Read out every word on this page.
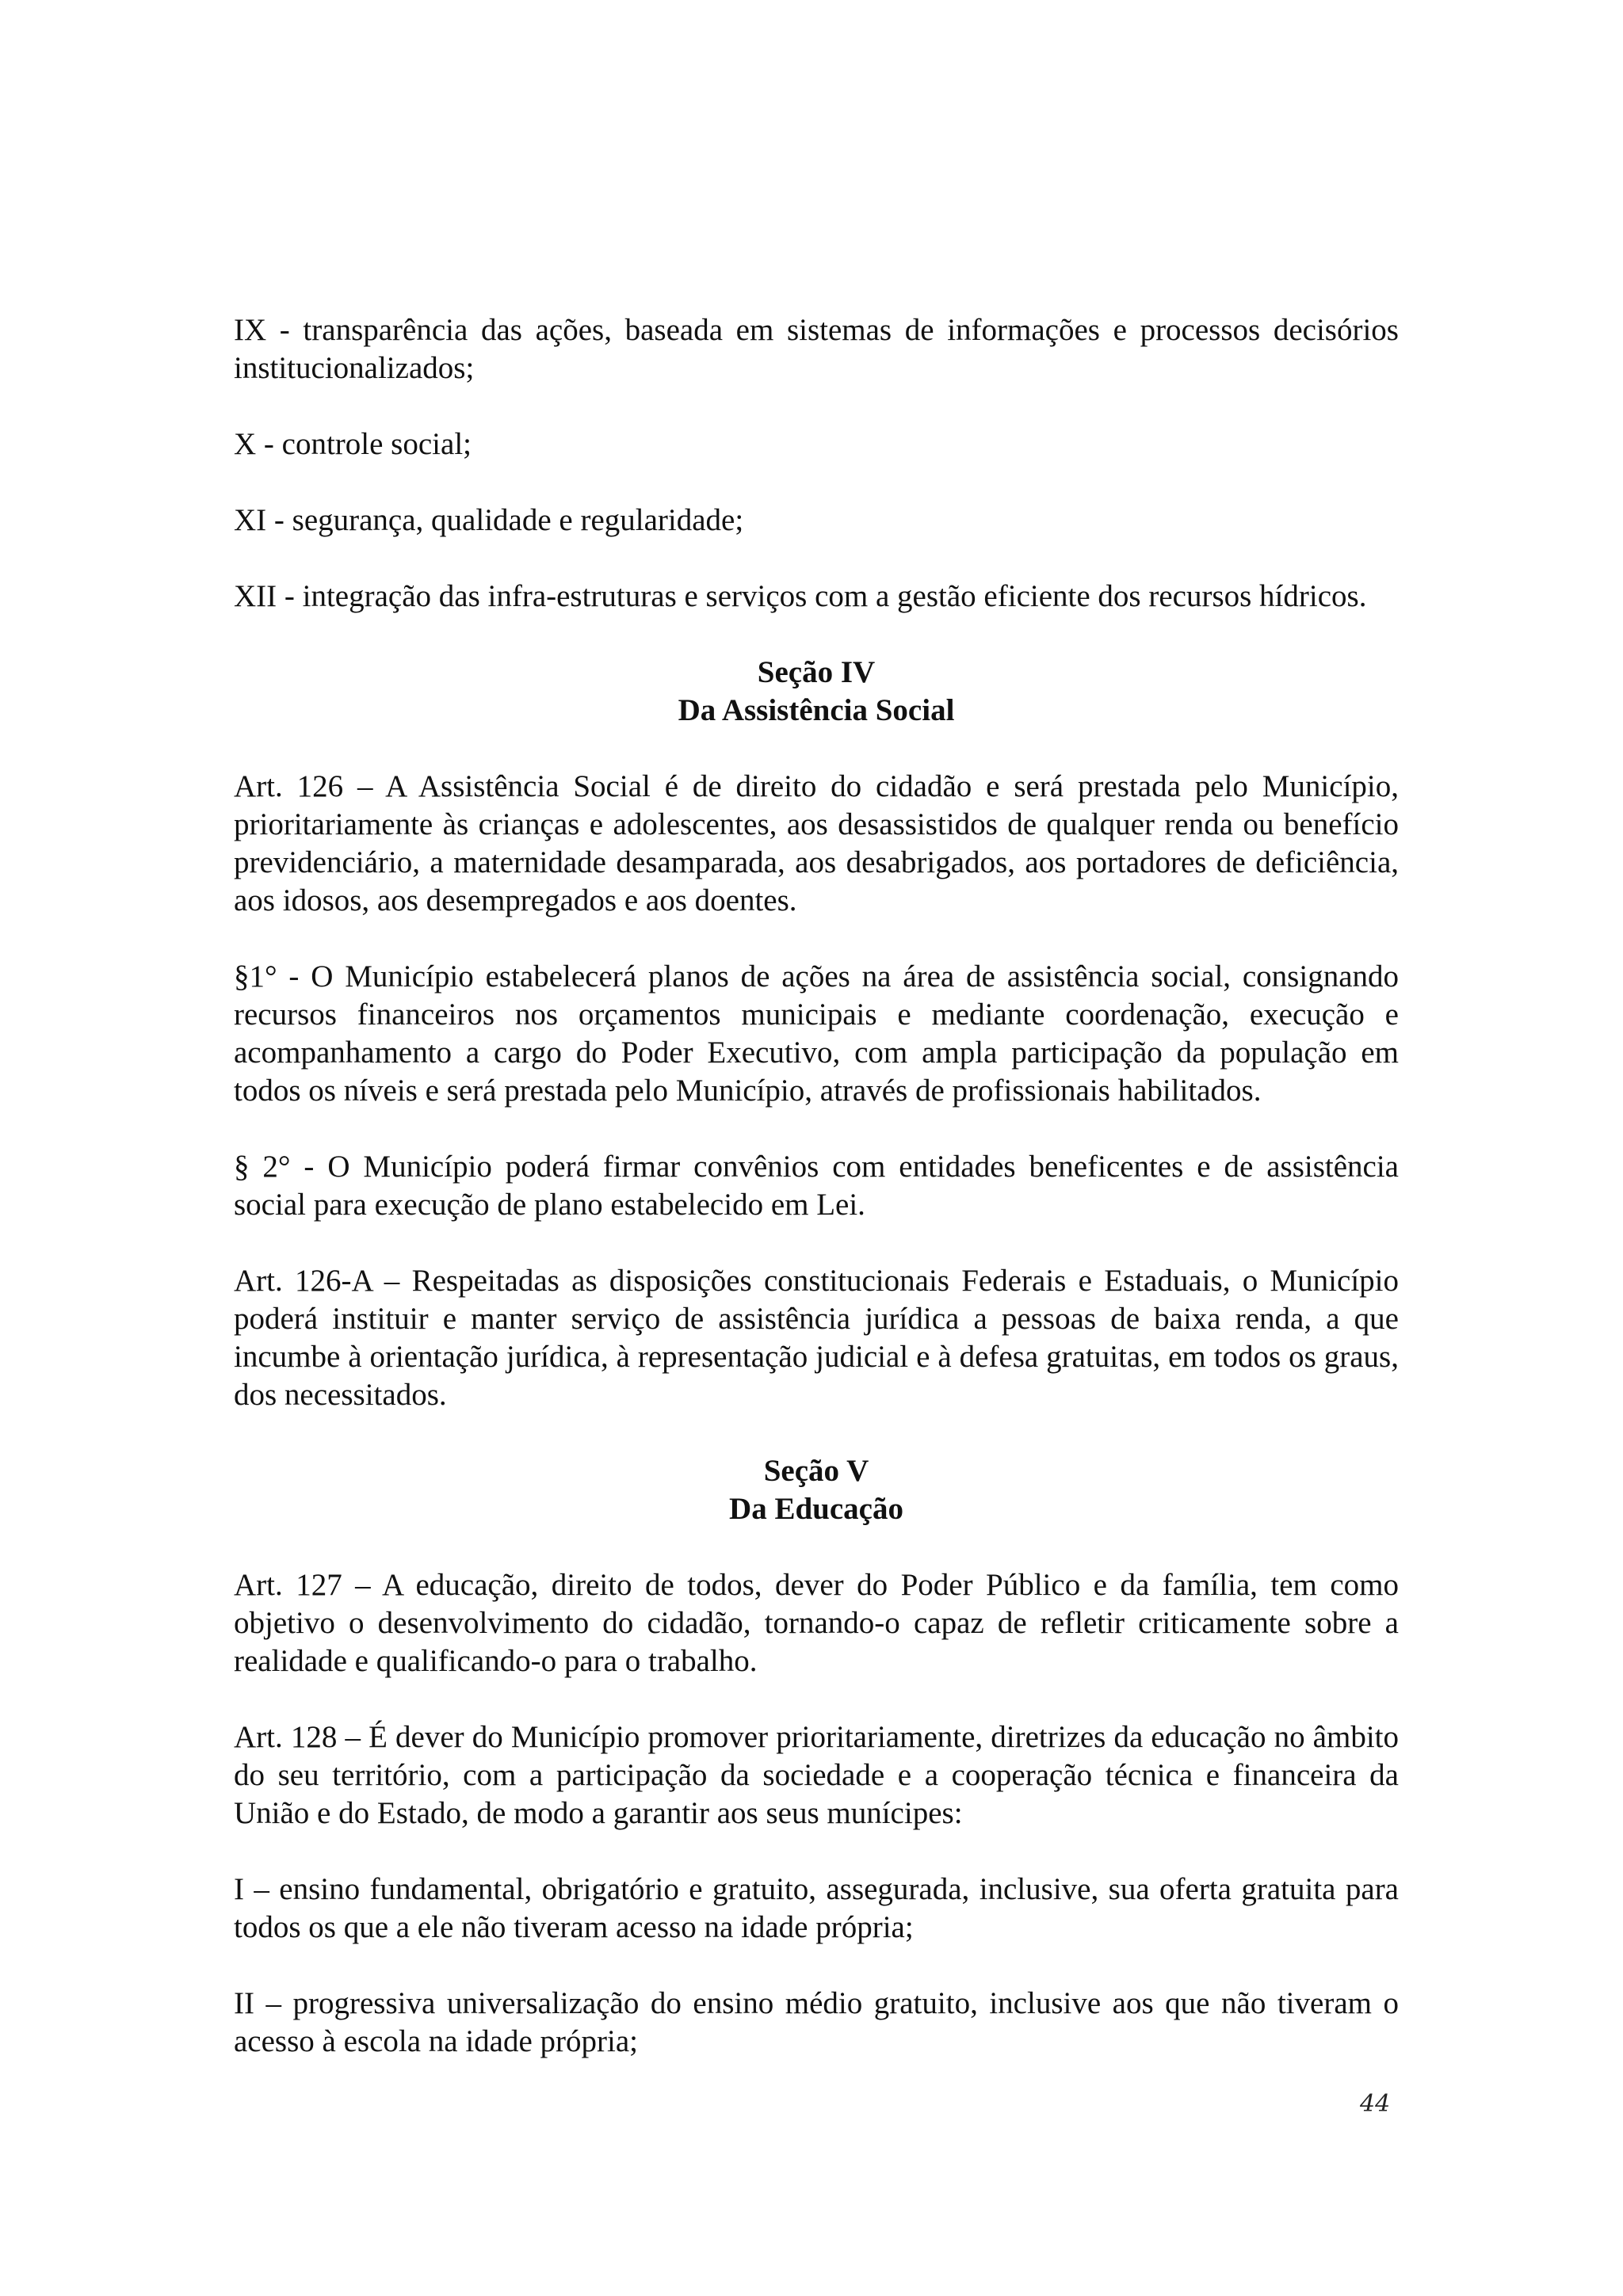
IX - transparência das ações, baseada em sistemas de informações e processos decisórios institucionalizados;

X - controle social;

XI - segurança, qualidade e regularidade;

XII - integração das infra-estruturas e serviços com a gestão eficiente dos recursos hídricos.

Seção IV
Da Assistência Social

Art. 126 – A Assistência Social é de direito do cidadão e será prestada pelo Município, prioritariamente às crianças e adolescentes, aos desassistidos de qualquer renda ou benefício previdenciário, a maternidade desamparada, aos desabrigados, aos portadores de deficiência, aos idosos, aos desempregados e aos doentes.

§1° - O Município estabelecerá planos de ações na área de assistência social, consignando recursos financeiros nos orçamentos municipais e mediante coordenação, execução e acompanhamento a cargo do Poder Executivo, com ampla participação da população em todos os níveis e será prestada pelo Município, através de profissionais habilitados.

§ 2° - O Município poderá firmar convênios com entidades beneficentes e de assistência social para execução de plano estabelecido em Lei.

Art. 126-A – Respeitadas as disposições constitucionais Federais e Estaduais, o Município poderá instituir e manter serviço de assistência jurídica a pessoas de baixa renda, a que incumbe à orientação jurídica, à representação judicial e à defesa gratuitas, em todos os graus, dos necessitados.

Seção V
Da Educação

Art. 127 – A educação, direito de todos, dever do Poder Público e da família, tem como objetivo o desenvolvimento do cidadão, tornando-o capaz de refletir criticamente sobre a realidade e qualificando-o para o trabalho.

Art. 128 – É dever do Município promover prioritariamente, diretrizes da educação no âmbito do seu território, com a participação da sociedade e a cooperação técnica e financeira da União e do Estado, de modo a garantir aos seus munícipes:

I – ensino fundamental, obrigatório e gratuito, assegurada, inclusive, sua oferta gratuita para todos os que a ele não tiveram acesso na idade própria;

II – progressiva universalização do ensino médio gratuito, inclusive aos que não tiveram o acesso à escola na idade própria;

44
